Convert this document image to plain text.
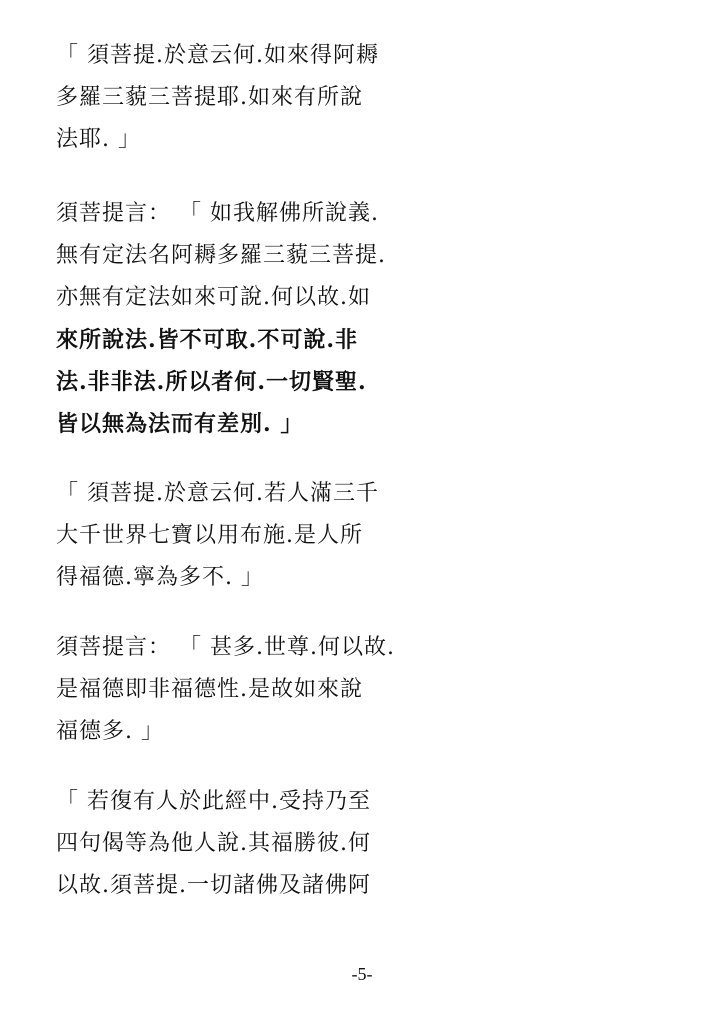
「 須菩提.於意云何.如來得阿耨
多羅三藐三菩提耶.如來有所說
法耶. 」
須菩提言： 「 如我解佛所說義.
無有定法名阿耨多羅三藐三菩提.
亦無有定法如來可說.何以故.如
來所說法.皆不可取.不可說.非
法.非非法.所以者何.一切賢聖.
皆以無為法而有差別. 」
「 須菩提.於意云何.若人滿三千
大千世界七寶以用布施.是人所
得福德.寧為多不. 」
須菩提言： 「 甚多.世尊.何以故.
是福德即非福德性.是故如來說
福德多. 」
「 若復有人於此經中.受持乃至
四句偈等為他人說.其福勝彼.何
以故.須菩提.一切諸佛及諸佛阿
-5-
